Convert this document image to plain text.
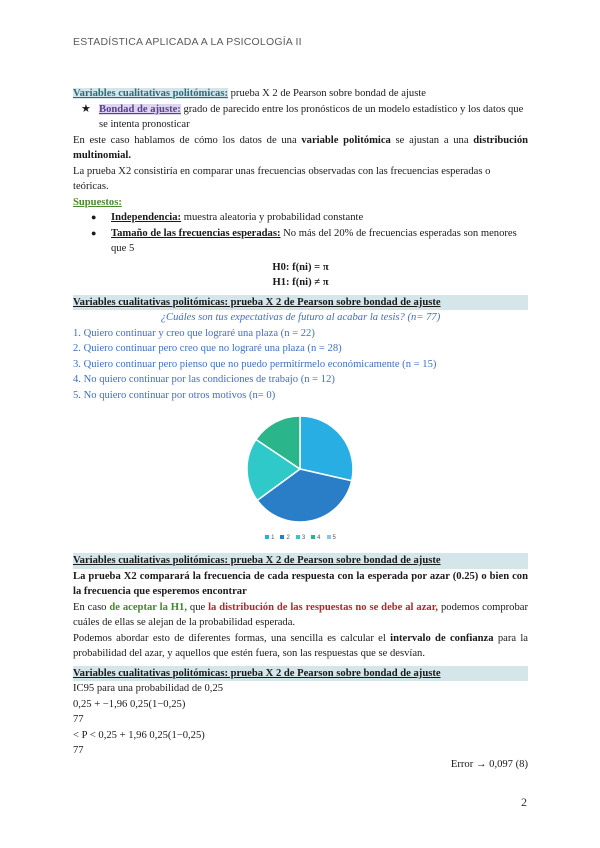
ESTADÍSTICA APLICADA A LA PSICOLOGÍA II

Variables cualitativas politómicas: prueba X 2 de Pearson sobre bondad de ajuste

★ Bondad de ajuste: grado de parecido entre los pronósticos de un modelo estadístico y los datos que se intenta pronosticar

En este caso hablamos de cómo los datos de una variable politómica se ajustan a una distribución multinomial.

La prueba X2 consistiría en comparar unas frecuencias observadas con las frecuencias esperadas o teóricas.

Supuestos:

●	Independencia: muestra aleatoria y probabilidad constante

●	Tamaño de las frecuencias esperadas: No más del 20% de frecuencias esperadas son menores que 5

H0: f(ni) = π

H1: f(ni) ≠ π

Variables cualitativas politómicas: prueba X 2 de Pearson sobre bondad de ajuste

¿Cuáles son tus expectativas de futuro al acabar la tesis? (n= 77)

1. Quiero continuar y creo que lograré una plaza (n = 22)

2. Quiero continuar pero creo que no lograré una plaza (n = 28)

3. Quiero continuar pero pienso que no puedo permitírmelo económicamente (n = 15)

4. No quiero continuar por las condiciones de trabajo (n = 12)

5. No quiero continuar por otros motivos (n= 0)

1 2 3 4 5

Variables cualitativas politómicas: prueba X 2 de Pearson sobre bondad de ajuste

La prueba X2 comparará la frecuencia de cada respuesta con la esperada por azar (0.25) o bien con la frecuencia que esperemos encontrar

En caso de aceptar la H1, que la distribución de las respuestas no se debe al azar, podemos comprobar cuáles de ellas se alejan de la probabilidad esperada.

Podemos abordar esto de diferentes formas, una sencilla es calcular el intervalo de confianza para la probabilidad del azar, y aquellos que estén fuera, son las respuestas que se desvían.

Variables cualitativas politómicas: prueba X 2 de Pearson sobre bondad de ajuste

IC95 para una probabilidad de 0,25

0,25 + −1,96 0,25(1−0,25)

77

< P < 0,25 + 1,96 0,25(1−0,25)

77

Error → 0,097 (8)

2
